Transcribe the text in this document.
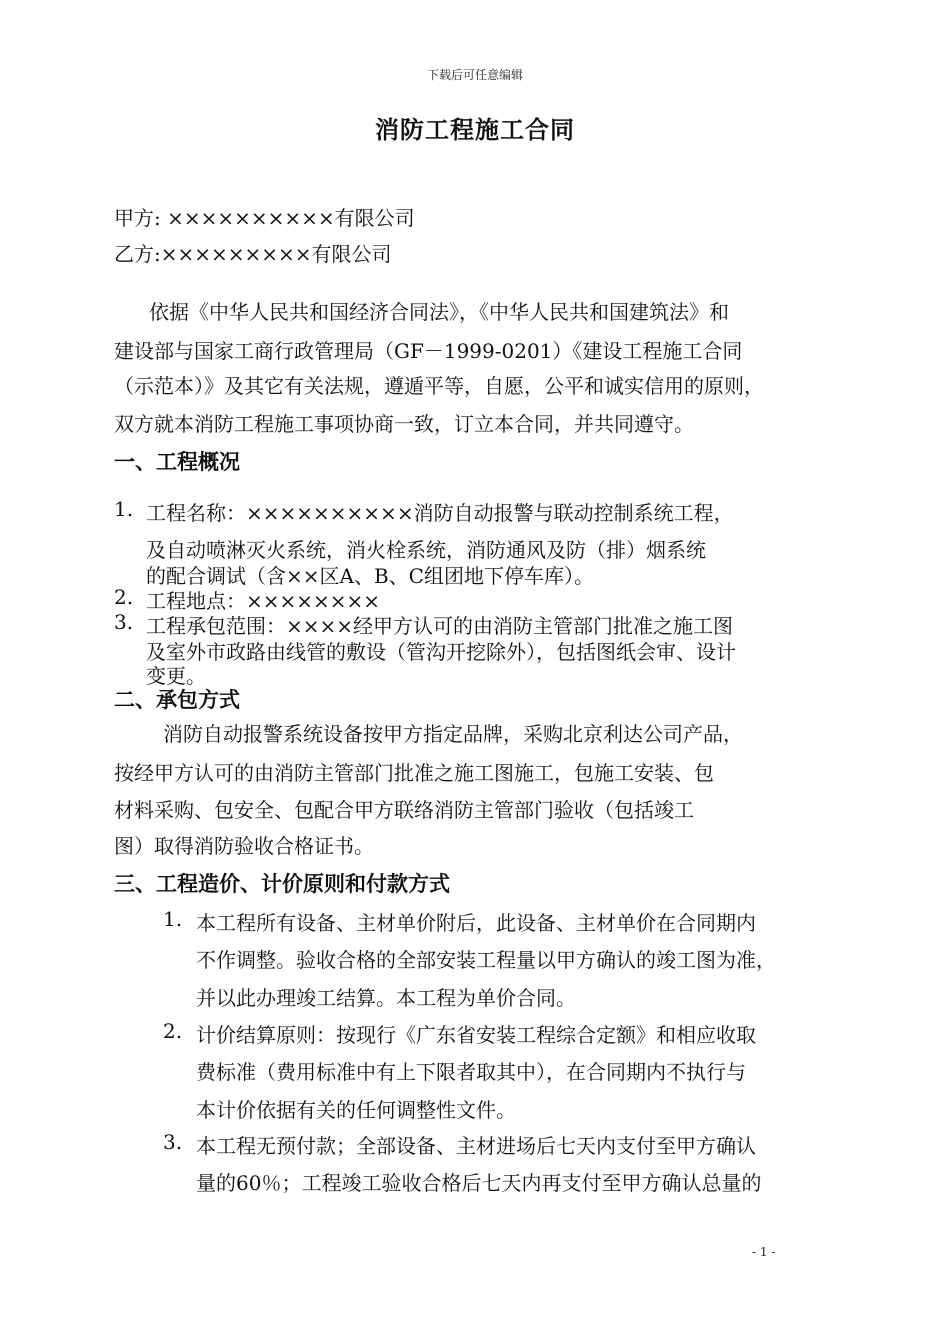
下载后可任意编辑
消防工程施工合同
甲方: ××××××××××有限公司
乙方:×××××××××有限公司
依据《中华人民共和国经济合同法》，《中华人民共和国建筑法》和
建设部与国家工商行政管理局（GF－1999-0201）《建设工程施工合同
（示范本）》及其它有关法规，遵遁平等，自愿，公平和诚实信用的原则，
双方就本消防工程施工事项协商一致，订立本合同，并共同遵守。
一、工程概况
1. 工程名称：××××××××××消防自动报警与联动控制系统工程，
及自动喷淋灭火系统，消火栓系统，消防通风及防（排）烟系统
的配合调试（含××区A、B、C组团地下停车库）。
2. 工程地点：××××××××
3. 工程承包范围：××××经甲方认可的由消防主管部门批准之施工图
及室外市政路由线管的敷设（管沟开挖除外），包括图纸会审、设计
变更。
二、承包方式
消防自动报警系统设备按甲方指定品牌，采购北京利达公司产品，
按经甲方认可的由消防主管部门批准之施工图施工，包施工安装、包
材料采购、包安全、包配合甲方联络消防主管部门验收（包括竣工
图）取得消防验收合格证书。
三、工程造价、计价原则和付款方式
1. 本工程所有设备、主材单价附后，此设备、主材单价在合同期内
不作调整。验收合格的全部安装工程量以甲方确认的竣工图为准，
并以此办理竣工结算。本工程为单价合同。
2. 计价结算原则：按现行《广东省安装工程综合定额》和相应收取
费标准（费用标准中有上下限者取其中），在合同期内不执行与
本计价依据有关的任何调整性文件。
3. 本工程无预付款；全部设备、主材进场后七天内支付至甲方确认
量的60％；工程竣工验收合格后七天内再支付至甲方确认总量的
- 1 -
